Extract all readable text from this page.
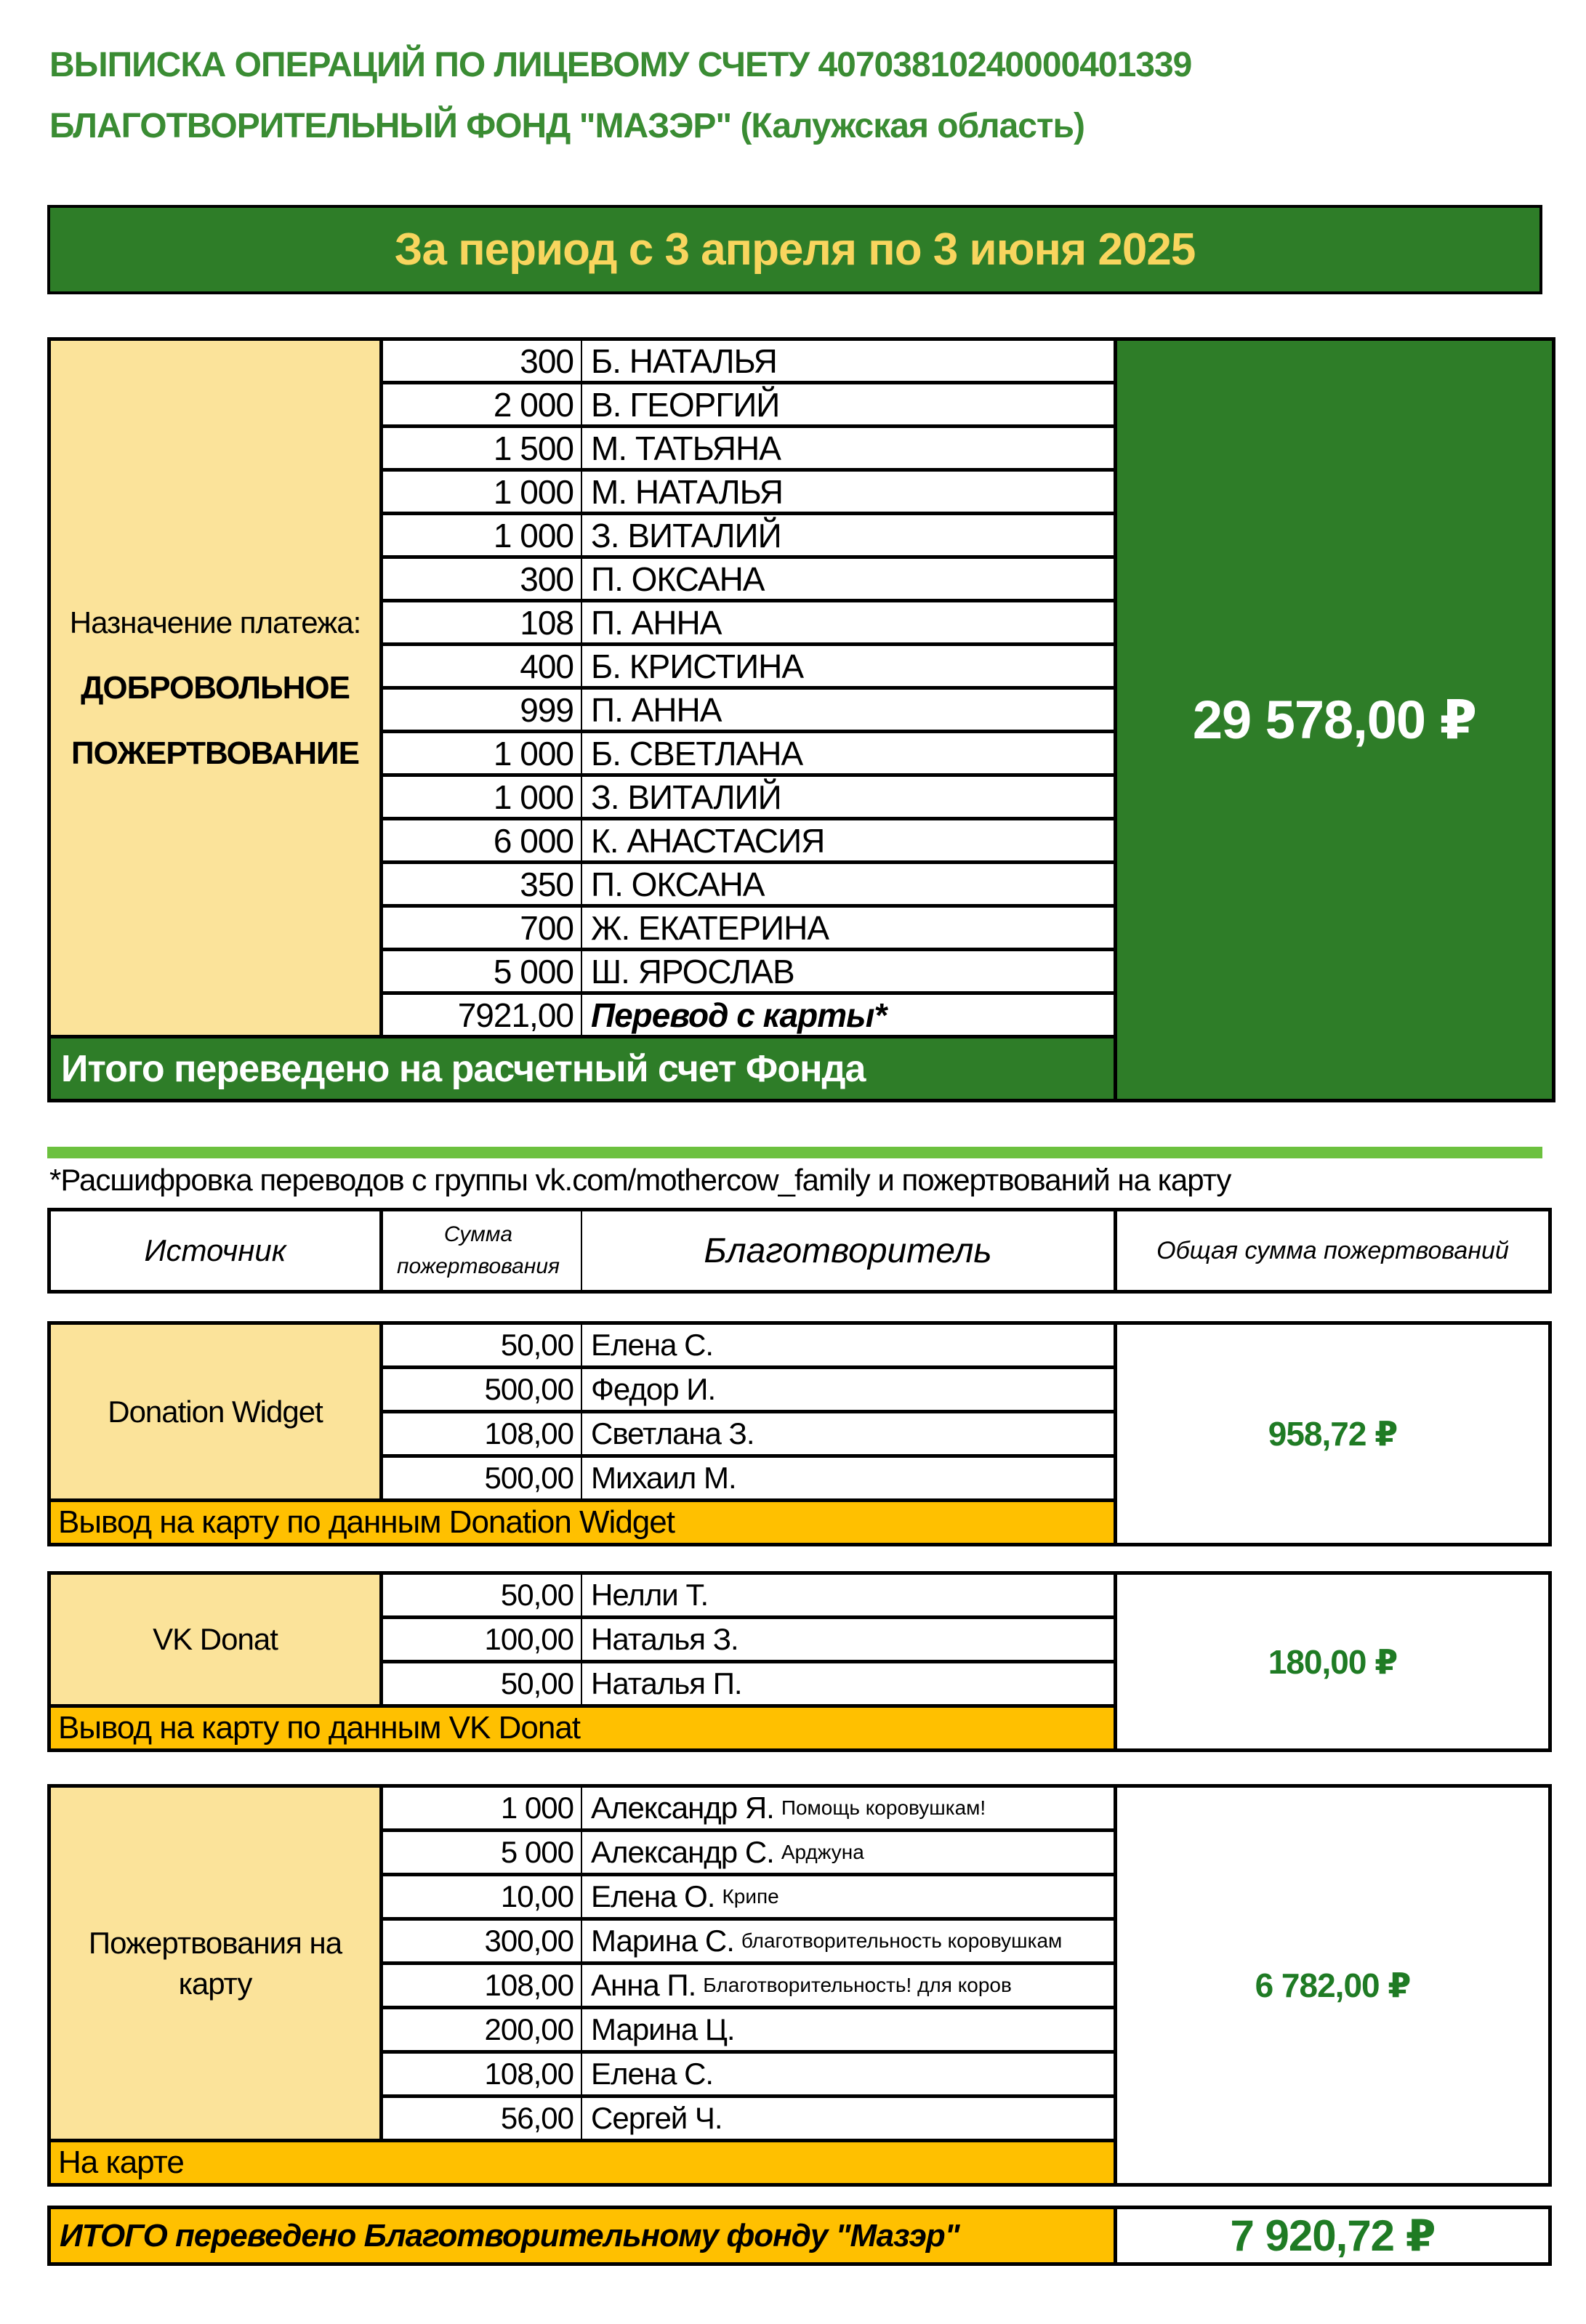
ВЫПИСКА ОПЕРАЦИЙ ПО ЛИЦЕВОМУ СЧЕТУ 40703810240000401339
БЛАГОТВОРИТЕЛЬНЫЙ ФОНД "МАЗЭР" (Калужская область)
За период с 3 апреля по 3 июня 2025
Назначение платежа:
ДОБРОВОЛЬНОЕ
ПОЖЕРТВОВАНИЕ
29 578,00 ₽
300 Б. НАТАЛЬЯ
2 000 В. ГЕОРГИЙ
1 500 М. ТАТЬЯНА
1 000 М. НАТАЛЬЯ
1 000 З. ВИТАЛИЙ
300 П. ОКСАНА
108 П. АННА
400 Б. КРИСТИНА
999 П. АННА
1 000 Б. СВЕТЛАНА
1 000 З. ВИТАЛИЙ
6 000 К. АНАСТАСИЯ
350 П. ОКСАНА
700 Ж. ЕКАТЕРИНА
5 000 Ш. ЯРОСЛАВ
7921,00 Перевод с карты*
Итого переведено на расчетный счет Фонда
*Расшифровка переводов с группы vk.com/mothercow_family и пожертвований на карту
Источник	Сумма пожертвования	Благотворитель	Общая сумма пожертвований
Donation Widget
958,72 ₽
50,00 Елена С.
500,00 Федор И.
108,00 Светлана З.
500,00 Михаил М.
Вывод на карту по данным Donation Widget
VK Donat
180,00 ₽
50,00 Нелли Т.
100,00 Наталья З.
50,00 Наталья П.
Вывод на карту по данным VK Donat
Пожертвования на карту	6 782,00 ₽
1 000 Александр Я. Помощь коровушкам!
5 000 Александр С. Арджуна
10,00 Елена О. Крипе
300,00 Марина С. благотворительность коровушкам
108,00 Анна П. Благотворительность! для коров
200,00 Марина Ц.
108,00 Елена С.
56,00 Сергей Ч.
На карте
ИТОГО переведено Благотворительному фонду "Мазэр"	7 920,72 ₽
